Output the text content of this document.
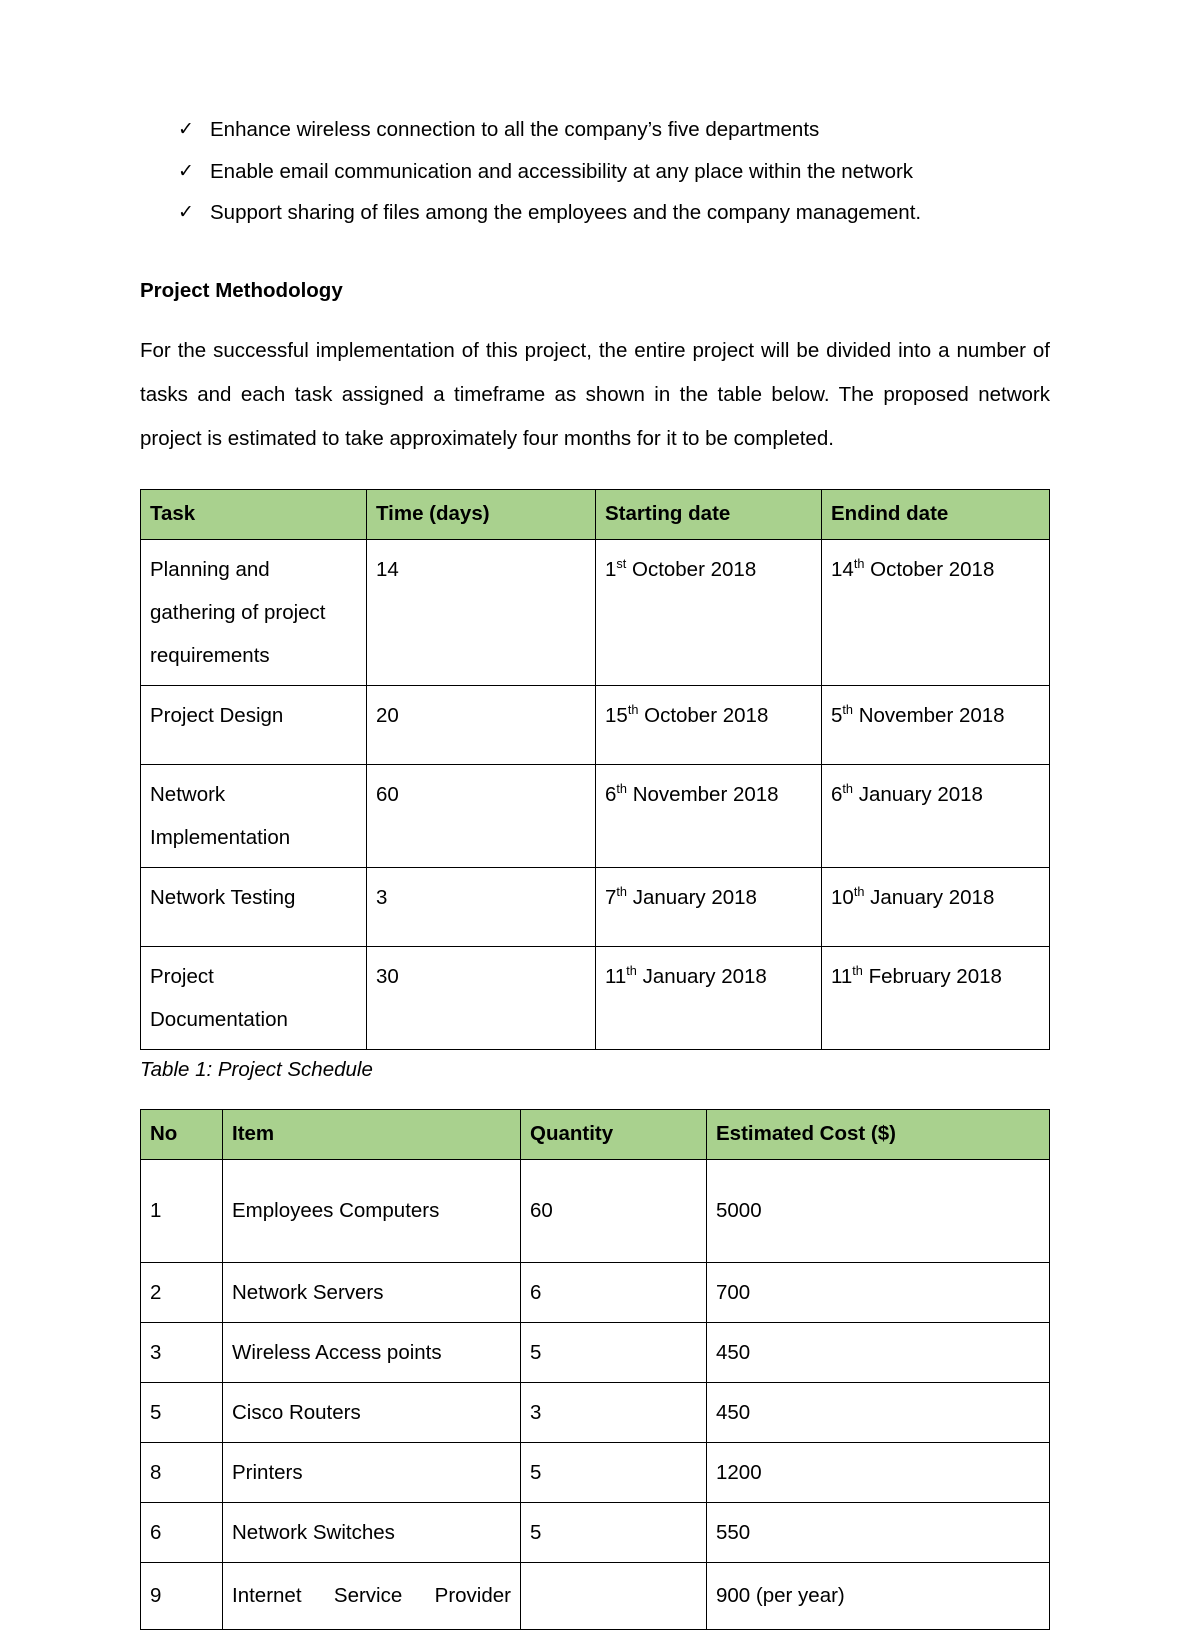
✓ Enhance wireless connection to all the company’s five departments
✓ Enable email communication and accessibility at any place within the network
✓ Support sharing of files among the employees and the company management.
Project Methodology

For the successful implementation of this project, the entire project will be divided into a number of tasks and each task assigned a timeframe as shown in the table below. The proposed network project is estimated to take approximately four months for it to be completed.

Task	Time (days)	Starting date	Endind date
Planning and gathering of project requirements	14	1st October 2018	14th October 2018
Project Design	20	15th October 2018	5th November 2018
Network Implementation	60	6th November 2018	6th January 2018
Network Testing	3	7th January 2018	10th January 2018
Project Documentation	30	11th January 2018	11th February 2018

Table 1: Project Schedule

No	Item	Quantity	Estimated Cost ($)
1	Employees Computers	60	5000
2	Network Servers	6	700
3	Wireless Access points	5	450
5	Cisco Routers	3	450
8	Printers	5	1200
6	Network Switches	5	550
9	Internet Service Provider		900 (per year)
